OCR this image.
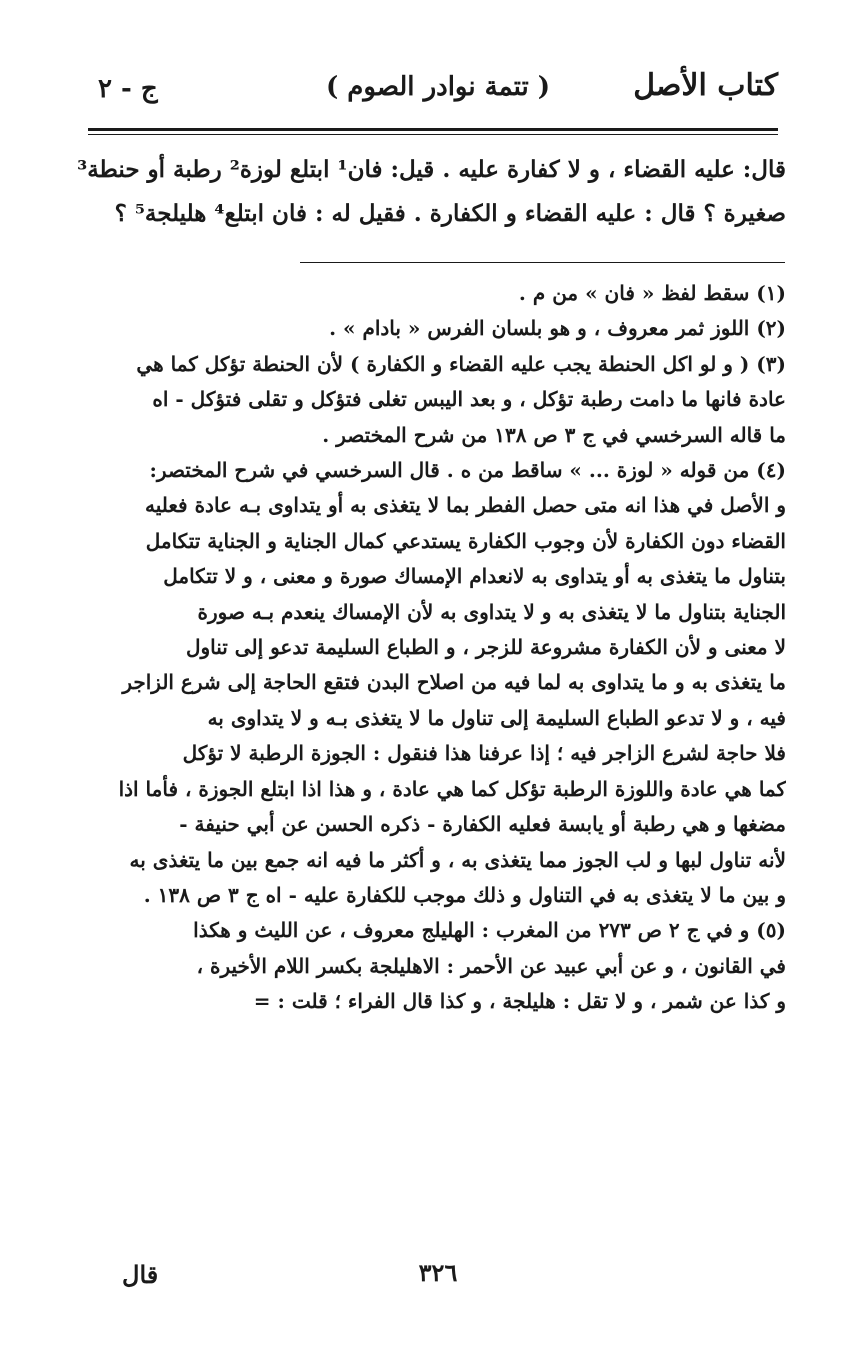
كتاب الأصل
( تتمة نوادر الصوم )
ج - ٢
قال: عليه القضاء ، و لا كفارة عليه . قيل: فان¹ ابتلع لوزة² رطبة أو حنطة³
صغيرة ؟ قال : عليه القضاء و الكفارة . فقيل له : فان ابتلع⁴ هليلجة⁵ ؟
(١) سقط لفظ « فان » من م .
(٢) اللوز ثمر معروف ، و هو بلسان الفرس « بادام » .
(٣) ( و لو اكل الحنطة يجب عليه القضاء و الكفارة ) لأن الحنطة تؤكل كما هي
عادة فانها ما دامت رطبة تؤكل ، و بعد اليبس تغلى فتؤكل و تقلى فتؤكل - اه
ما قاله السرخسي في ج ٣ ص ١٣٨ من شرح المختصر .
(٤) من قوله « لوزة ... » ساقط من ه . قال السرخسي في شرح المختصر:
و الأصل في هذا انه متى حصل الفطر بما لا يتغذى به أو يتداوى بـه عادة فعليه
القضاء دون الكفارة لأن وجوب الكفارة يستدعي كمال الجناية و الجناية تتكامل
بتناول ما يتغذى به أو يتداوى به لانعدام الإمساك صورة و معنى ، و لا تتكامل
الجناية بتناول ما لا يتغذى به و لا يتداوى به لأن الإمساك ينعدم بـه صورة
لا معنى و لأن الكفارة مشروعة للزجر ، و الطباع السليمة تدعو إلى تناول
ما يتغذى به و ما يتداوى به لما فيه من اصلاح البدن فتقع الحاجة إلى شرع الزاجر
فيه ، و لا تدعو الطباع السليمة إلى تناول ما لا يتغذى بـه و لا يتداوى به
فلا حاجة لشرع الزاجر فيه ؛ إذا عرفنا هذا فنقول : الجوزة الرطبة لا تؤكل
كما هي عادة واللوزة الرطبة تؤكل كما هي عادة ، و هذا اذا ابتلع الجوزة ، فأما اذا
مضغها و هي رطبة أو يابسة فعليه الكفارة - ذكره الحسن عن أبي حنيفة -
لأنه تناول لبها و لب الجوز مما يتغذى به ، و أكثر ما فيه انه جمع بين ما يتغذى به
و بين ما لا يتغذى به في التناول و ذلك موجب للكفارة عليه - اه ج ٣ ص ١٣٨ .
(٥) و في ج ٢ ص ٢٧٣ من المغرب : الهليلج معروف ، عن الليث و هكذا
في القانون ، و عن أبي عبيد عن الأحمر : الاهليلجة بكسر اللام الأخيرة ،
و كذا عن شمر ، و لا تقل : هليلجة ، و كذا قال الفراء ؛ قلت : =
٣٢٦
قال
